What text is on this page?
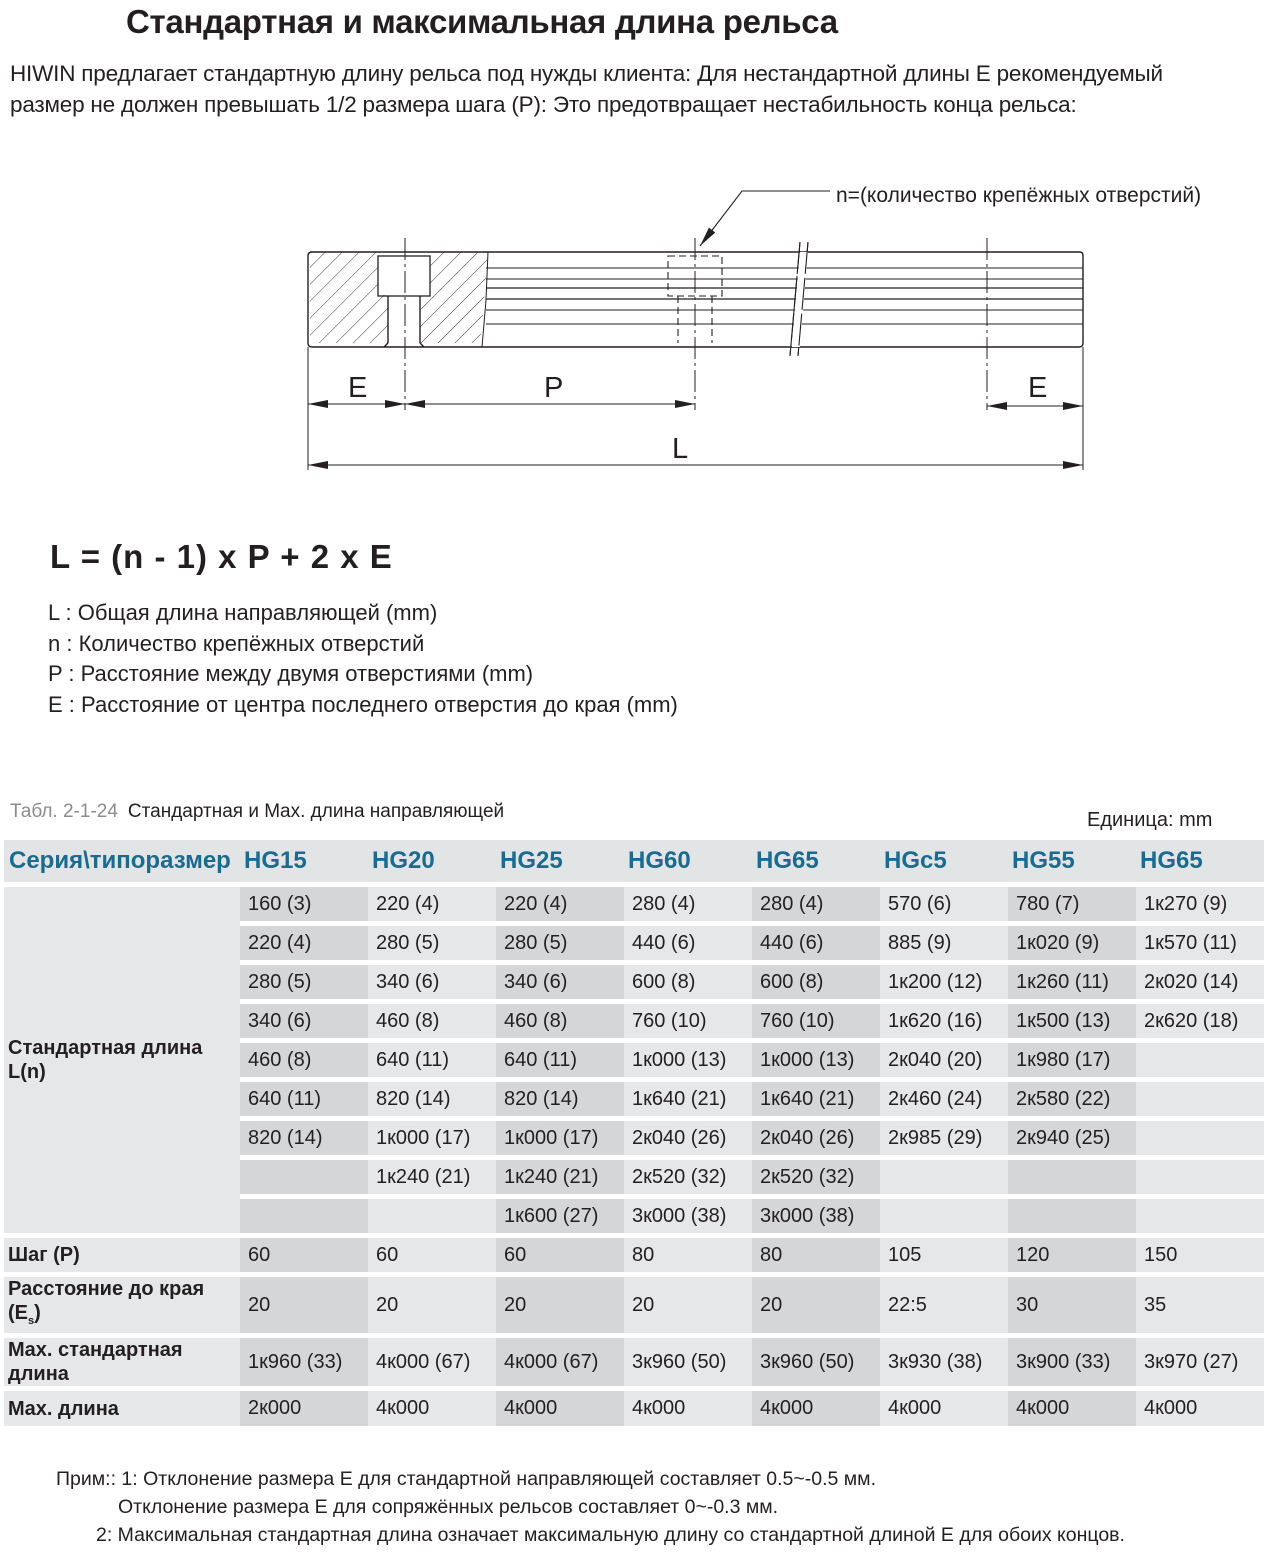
Стандартная и максимальная длина рельса
HIWIN предлагает стандартную длину рельса под нужды клиента: Для нестандартной длины E рекомендуемый
размер не должен превышать 1/2 размера шага (P): Это предотвращает нестабильность конца рельса:
n=(количество крепёжных отверстий)
E	P	E
L
L = (n - 1) x P + 2 x E
L : Общая длина направляющей (mm)
n : Количество крепёжных отверстий
P : Расстояние между двумя отверстиями (mm)
E : Расстояние от центра последнего отверстия до края (mm)
Табл. 2-1-24 Стандартная и Max. длина направляющей	Единица: mm
Серия\типоразмер	HG15	HG20	HG25	HG60	HG65	HGc5	HG55	HG65
Стандартная длина L(n)	160 (3)	220 (4)	220 (4)	280 (4)	280 (4)	570 (6)	780 (7)	1к270 (9)
	220 (4)	280 (5)	280 (5)	440 (6)	440 (6)	885 (9)	1к020 (9)	1к570 (11)
	280 (5)	340 (6)	340 (6)	600 (8)	600 (8)	1к200 (12)	1к260 (11)	2к020 (14)
	340 (6)	460 (8)	460 (8)	760 (10)	760 (10)	1к620 (16)	1к500 (13)	2к620 (18)
	460 (8)	640 (11)	640 (11)	1к000 (13)	1к000 (13)	2к040 (20)	1к980 (17)	
	640 (11)	820 (14)	820 (14)	1к640 (21)	1к640 (21)	2к460 (24)	2к580 (22)	
	820 (14)	1к000 (17)	1к000 (17)	2к040 (26)	2к040 (26)	2к985 (29)	2к940 (25)	
		1к240 (21)	1к240 (21)	2к520 (32)	2к520 (32)			
			1к600 (27)	3к000 (38)	3к000 (38)			
Шаг (P)	60	60	60	80	80	105	120	150
Расстояние до края
$(E_s)$	20	20	20	20	20	22:5	30	35
Max. стандартная длина	1к960 (33)	4к000 (67)	4к000 (67)	3к960 (50)	3к960 (50)	3к930 (38)	3к900 (33)	3к970 (27)
Max. длина	2к000	4к000	4к000	4к000	4к000	4к000	4к000	4к000
Прим:: 1: Отклонение размера E для стандартной направляющей составляет 0.5~-0.5 мм.
Отклонение размера E для сопряжённых рельсов составляет 0~-0.3 мм.
2: Максимальная стандартная длина означает максимальную длину со стандартной длиной E для обоих концов.
